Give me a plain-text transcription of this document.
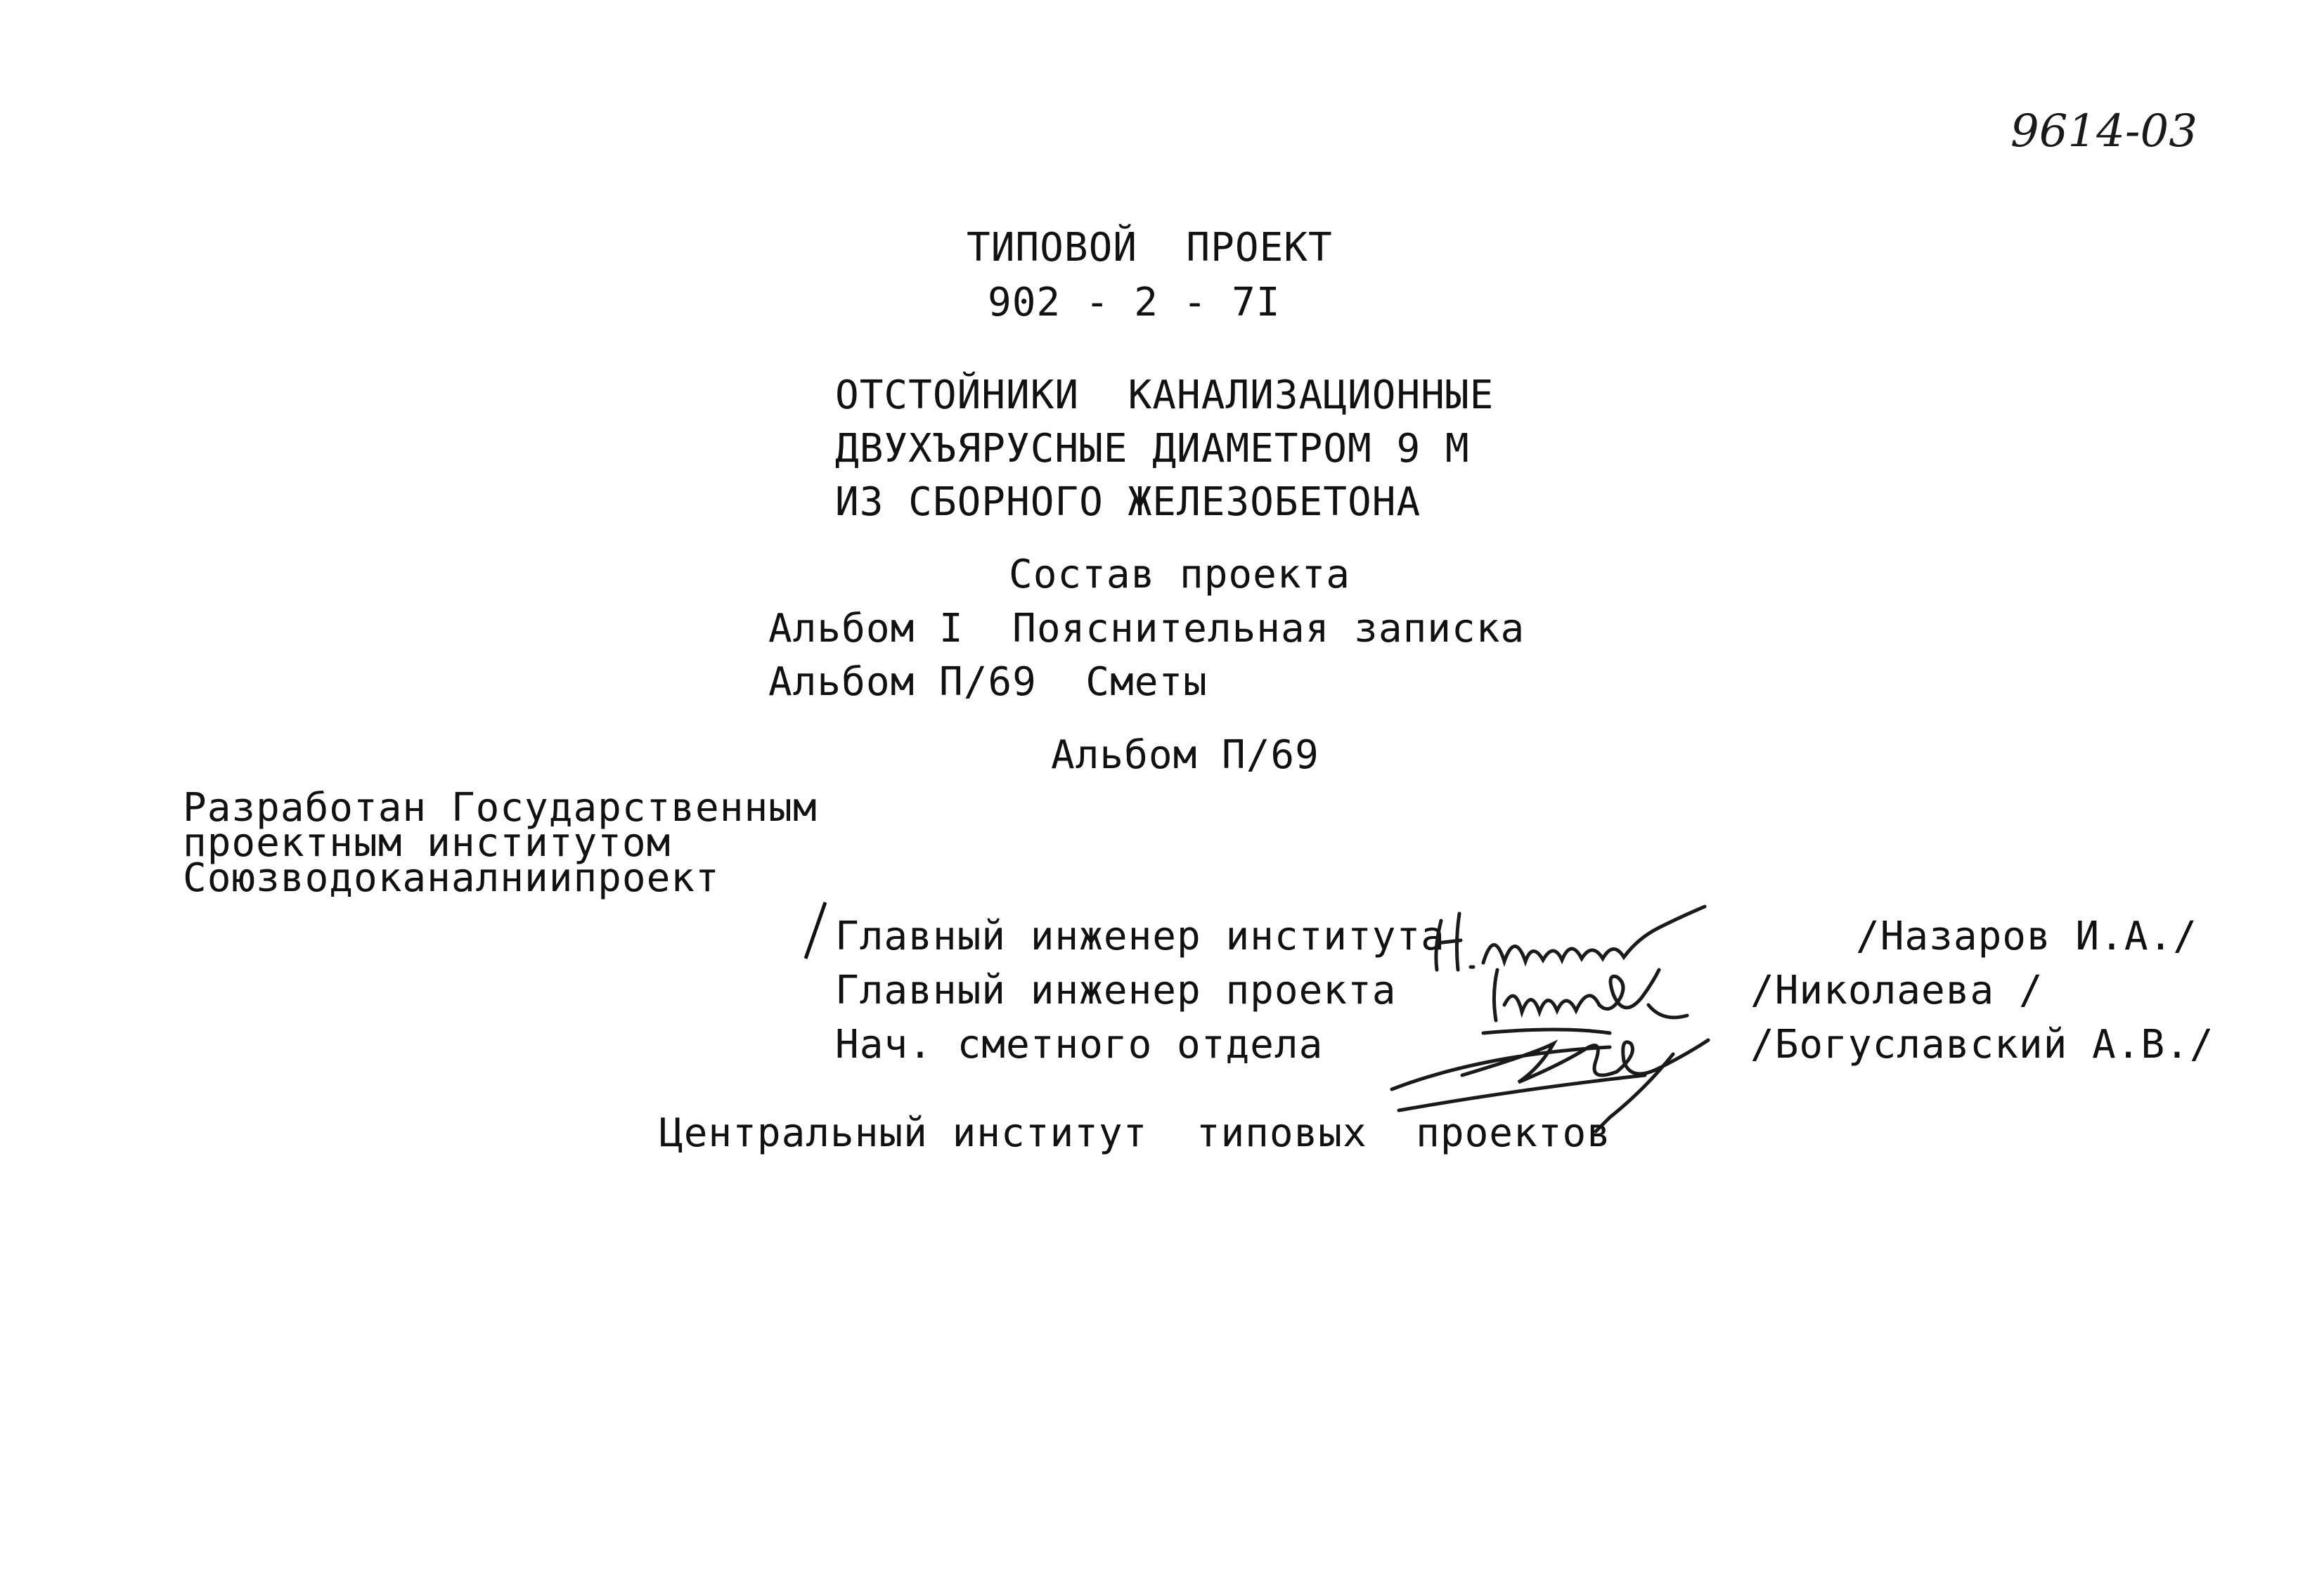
9614-03
ТИПОВОЙ  ПРОЕКТ
902 - 2 - 7I
ОТСТОЙНИКИ  КАНАЛИЗАЦИОННЫЕ
ДВУХЪЯРУСНЫЕ ДИАМЕТРОМ 9 М
ИЗ СБОРНОГО ЖЕЛЕЗОБЕТОНА
Состав проекта
Альбом I  Пояснительная записка
Альбом П/69  Сметы
Альбом П/69
Разработан Государственным
проектным институтом
Союзводоканалниипроект
Главный инженер института
Главный инженер проекта
Нач. сметного отдела
/Назаров И.А./
/Николаева /
/Богуславский А.В./
Центральный институт  типовых  проектов
